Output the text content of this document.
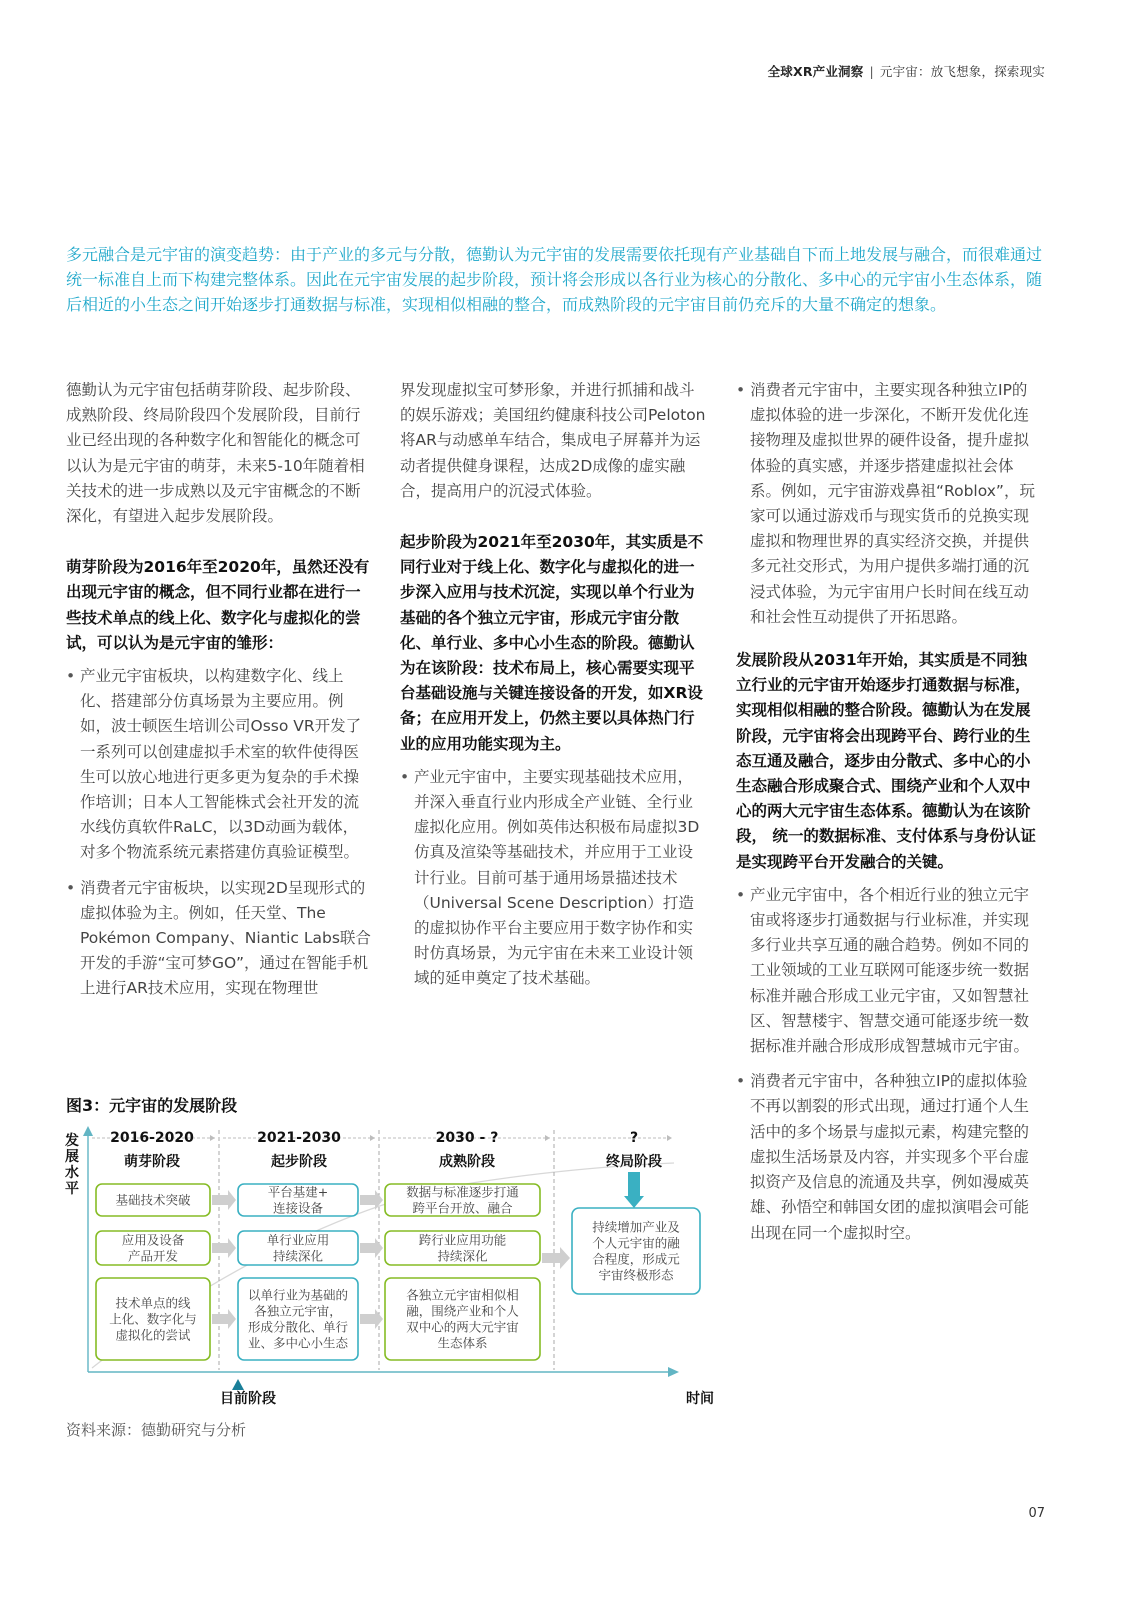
全球XR产业洞察 | 元宇宙：放飞想象，探索现实
多元融合是元宇宙的演变趋势：由于产业的多元与分散，德勤认为元宇宙的发展需要依托现有产业基础自下而上地发展与融合，而很难通过统一标准自上而下构建完整体系。因此在元宇宙发展的起步阶段，预计将会形成以各行业为核心的分散化、多中心的元宇宙小生态体系，随后相近的小生态之间开始逐步打通数据与标准，实现相似相融的整合，而成熟阶段的元宇宙目前仍充斥的大量不确定的想象。

德勤认为元宇宙包括萌芽阶段、起步阶段、成熟阶段、终局阶段四个发展阶段，目前行业已经出现的各种数字化和智能化的概念可以认为是元宇宙的萌芽，未来5-10年随着相关技术的进一步成熟以及元宇宙概念的不断深化，有望进入起步发展阶段。

萌芽阶段为2016年至2020年，虽然还没有出现元宇宙的概念，但不同行业都在进行一些技术单点的线上化、数字化与虚拟化的尝试，可以认为是元宇宙的雏形：

• 产业元宇宙板块，以构建数字化、线上化、搭建部分仿真场景为主要应用。例如，波士顿医生培训公司Osso VR开发了一系列可以创建虚拟手术室的软件使得医生可以放心地进行更多更为复杂的手术操作培训；日本人工智能株式会社开发的流水线仿真软件RaLC，以3D动画为载体，对多个物流系统元素搭建仿真验证模型。
• 消费者元宇宙板块，以实现2D呈现形式的虚拟体验为主。例如，任天堂、The Pokémon Company、Niantic Labs联合开发的手游“宝可梦GO”，通过在智能手机上进行AR技术应用，实现在物理世

界发现虚拟宝可梦形象，并进行抓捕和战斗的娱乐游戏；美国纽约健康科技公司Peloton将AR与动感单车结合，集成电子屏幕并为运动者提供健身课程，达成2D成像的虚实融合，提高用户的沉浸式体验。

起步阶段为2021年至2030年，其实质是不同行业对于线上化、数字化与虚拟化的进一步深入应用与技术沉淀，实现以单个行业为基础的各个独立元宇宙，形成元宇宙分散化、单行业、多中心小生态的阶段。德勤认为在该阶段：技术布局上，核心需要实现平台基础设施与关键连接设备的开发，如XR设备；在应用开发上，仍然主要以具体热门行业的应用功能实现为主。

• 产业元宇宙中，主要实现基础技术应用，并深入垂直行业内形成全产业链、全行业虚拟化应用。例如英伟达积极布局虚拟3D仿真及渲染等基础技术，并应用于工业设计行业。目前可基于通用场景描述技术（Universal Scene Description）打造的虚拟协作平台主要应用于数字协作和实时仿真场景，为元宇宙在未来工业设计领域的延申奠定了技术基础。
• 消费者元宇宙中，主要实现各种独立IP的虚拟体验的进一步深化，不断开发优化连接物理及虚拟世界的硬件设备，提升虚拟体验的真实感，并逐步搭建虚拟社会体系。例如，元宇宙游戏鼻祖“Roblox”，玩家可以通过游戏币与现实货币的兑换实现虚拟和物理世界的真实经济交换，并提供多元社交形式，为用户提供多端打通的沉浸式体验，为元宇宙用户长时间在线互动和社会性互动提供了开拓思路。

发展阶段从2031年开始，其实质是不同独立行业的元宇宙开始逐步打通数据与标准，实现相似相融的整合阶段。德勤认为在发展阶段，元宇宙将会出现跨平台、跨行业的生态互通及融合，逐步由分散式、多中心的小生态融合形成聚合式、围绕产业和个人双中心的两大元宇宙生态体系。德勤认为在该阶段， 统一的数据标准、支付体系与身份认证是实现跨平台开发融合的关键。

• 产业元宇宙中，各个相近行业的独立元宇宙或将逐步打通数据与行业标准，并实现多行业共享互通的融合趋势。例如不同的工业领域的工业互联网可能逐步统一数据标准并融合形成工业元宇宙，又如智慧社区、智慧楼宇、智慧交通可能逐步统一数据标准并融合形成形成智慧城市元宇宙。
• 消费者元宇宙中，各种独立IP的虚拟体验不再以割裂的形式出现，通过打通个人生活中的多个场景与虚拟元素，构建完整的虚拟生活场景及内容，并实现多个平台虚拟资产及信息的流通及共享，例如漫威英雄、孙悟空和韩国女团的虚拟演唱会可能出现在同一个虚拟时空。
图3：元宇宙的发展阶段
发
展
水
平
2016-2020
萌芽阶段
2021-2030
起步阶段
2030 - ?
成熟阶段
?
终局阶段
基础技术突破
应用及设备产品开发
技术单点的线上化、数字化与虚拟化的尝试
平台基建+连接设备
单行业应用持续深化
以单行业为基础的各独立元宇宙，形成分散化、单行业、多中心小生态
数据与标准逐步打通跨平台开放、融合
跨行业应用功能持续深化
各独立元宇宙相似相融，围绕产业和个人双中心的两大元宇宙生态体系
持续增加产业及个人元宇宙的融合程度，形成元宇宙终极形态
目前阶段	时间
资料来源：德勤研究与分析
07
